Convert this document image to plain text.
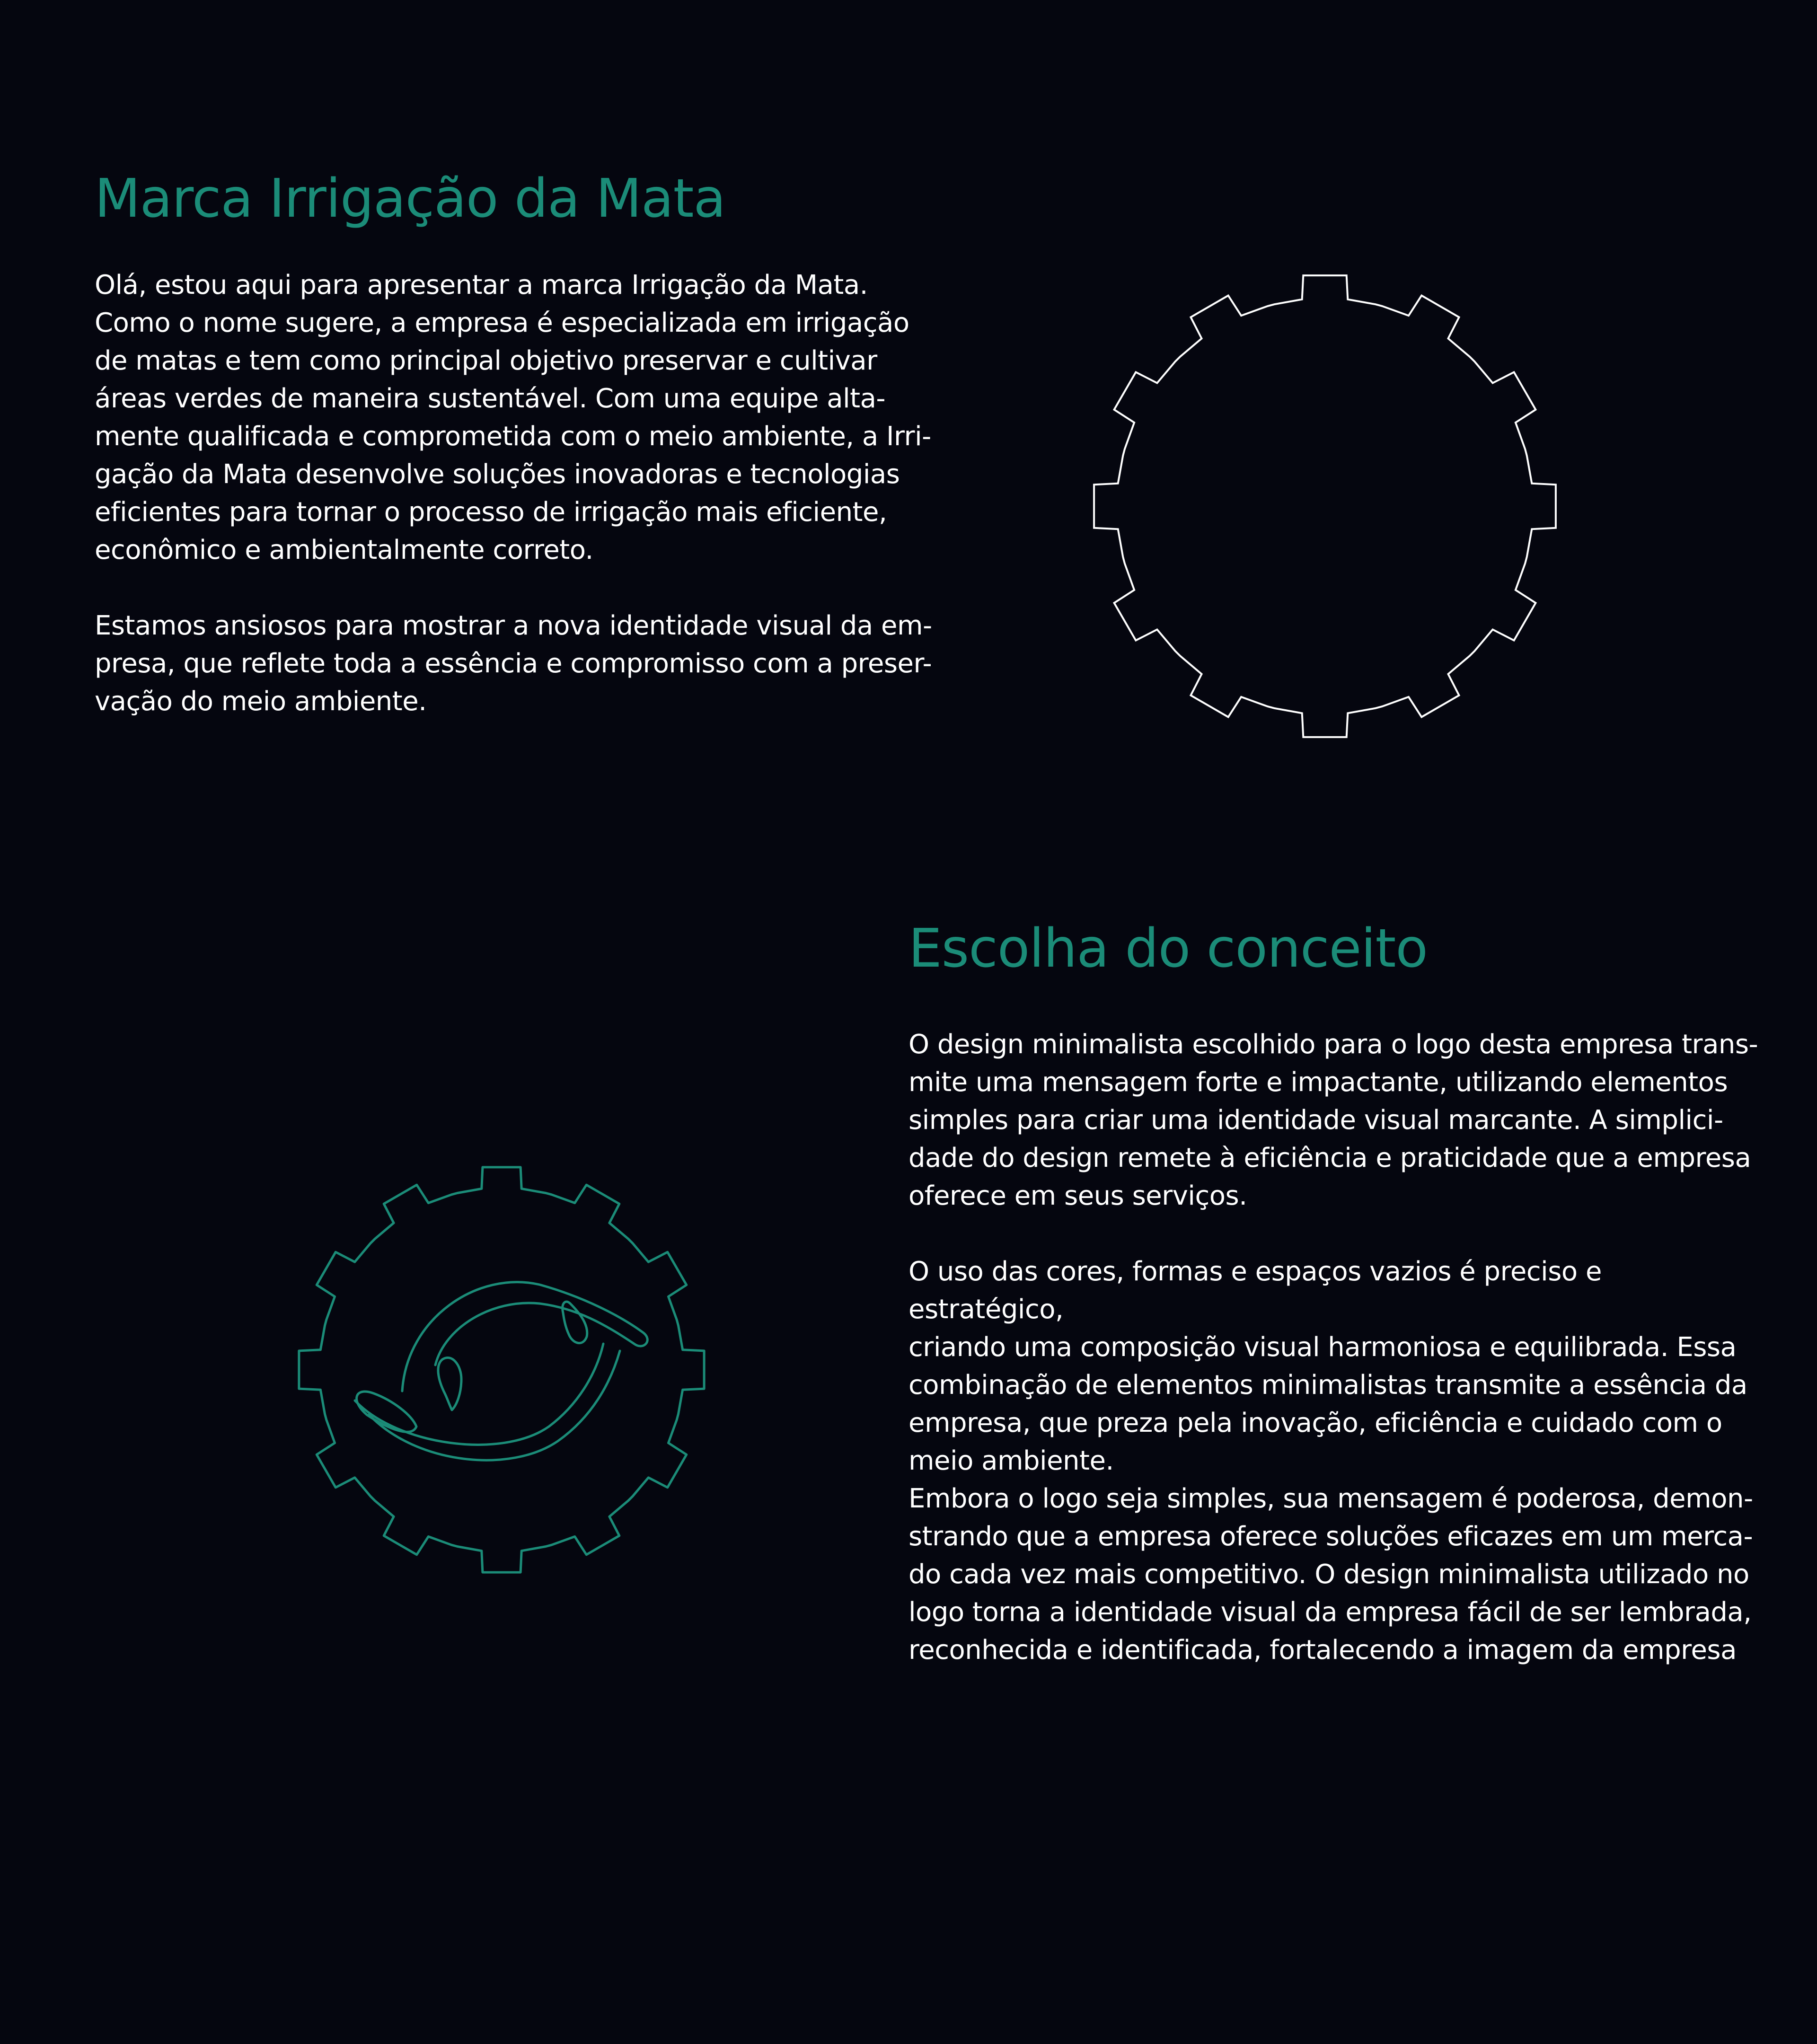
Marca Irrigação da Mata

Olá, estou aqui para apresentar a marca Irrigação da Mata.
Como o nome sugere, a empresa é especializada em irrigação
de matas e tem como principal objetivo preservar e cultivar
áreas verdes de maneira sustentável. Com uma equipe alta-
mente qualificada e comprometida com o meio ambiente, a Irri-
gação da Mata desenvolve soluções inovadoras e tecnologias
eficientes para tornar o processo de irrigação mais eficiente,
econômico e ambientalmente correto.

Estamos ansiosos para mostrar a nova identidade visual da em-
presa, que reflete toda a essência e compromisso com a preser-
vação do meio ambiente.

Escolha do conceito

O design minimalista escolhido para o logo desta empresa trans-
mite uma mensagem forte e impactante, utilizando elementos
simples para criar uma identidade visual marcante. A simplici-
dade do design remete à eficiência e praticidade que a empresa
oferece em seus serviços.

O uso das cores, formas e espaços vazios é preciso e estratégico,
criando uma composição visual harmoniosa e equilibrada. Essa
combinação de elementos minimalistas transmite a essência da
empresa, que preza pela inovação, eficiência e cuidado com o
meio ambiente.

Embora o logo seja simples, sua mensagem é poderosa, demon-
strando que a empresa oferece soluções eficazes em um merca-
do cada vez mais competitivo. O design minimalista utilizado no
logo torna a identidade visual da empresa fácil de ser lembrada,
reconhecida e identificada, fortalecendo a imagem da empresa
